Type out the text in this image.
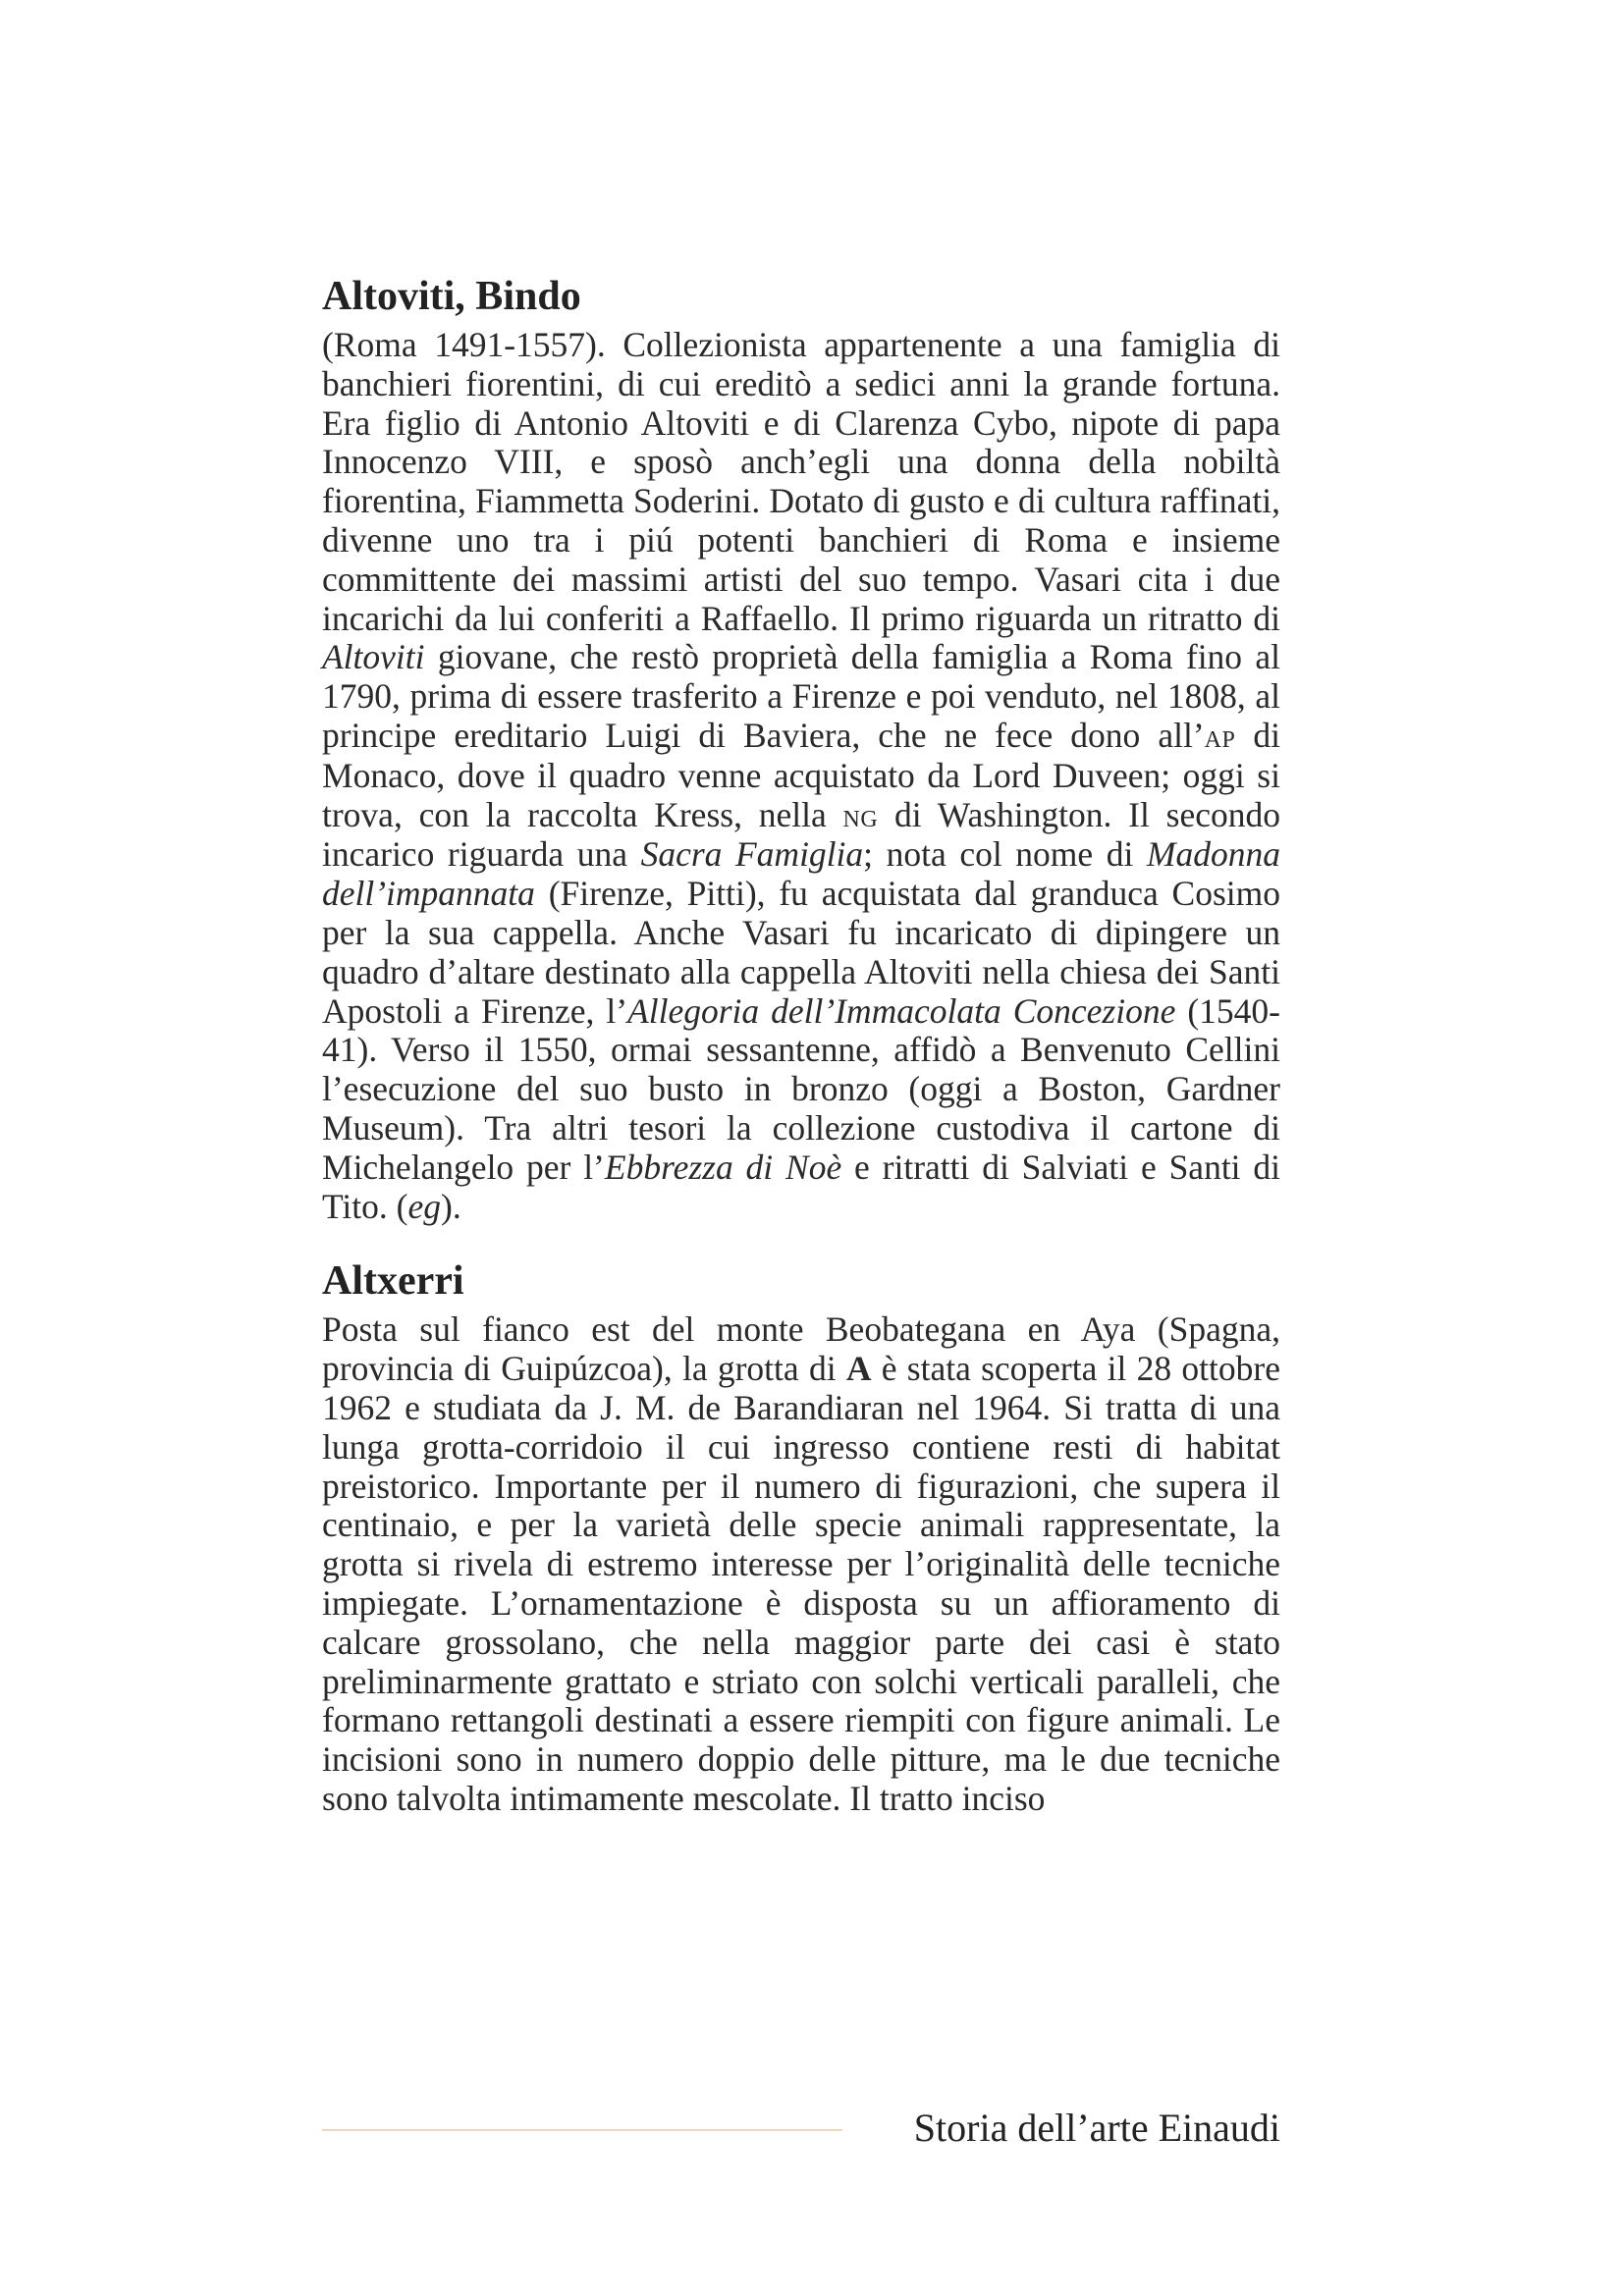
Altoviti, Bindo

(Roma 1491-1557). Collezionista appartenente a una famiglia di banchieri fiorentini, di cui ereditò a sedici anni la grande fortuna. Era figlio di Antonio Altoviti e di Clarenza Cybo, nipote di papa Innocenzo VIII, e sposò anch’egli una donna della nobiltà fiorentina, Fiammetta Soderini. Dotato di gusto e di cultura raffinati, divenne uno tra i piú potenti banchieri di Roma e insieme committente dei massimi artisti del suo tempo. Vasari cita i due incarichi da lui conferiti a Raffaello. Il primo riguarda un ritratto di Altoviti giovane, che restò proprietà della famiglia a Roma fino al 1790, prima di essere trasferito a Firenze e poi venduto, nel 1808, al principe ereditario Luigi di Baviera, che ne fece dono all’ap di Monaco, dove il quadro venne acquistato da Lord Duveen; oggi si trova, con la raccolta Kress, nella ng di Washington. Il secondo incarico riguarda una Sacra Famiglia; nota col nome di Madonna dell’impannata (Firenze, Pitti), fu acquistata dal granduca Cosimo per la sua cappella. Anche Vasari fu incaricato di dipingere un quadro d’altare destinato alla cappella Altoviti nella chiesa dei Santi Apostoli a Firenze, l’Allegoria dell’Immacolata Concezione (1540-41). Verso il 1550, ormai sessantenne, affidò a Benvenuto Cellini l’esecuzione del suo busto in bronzo (oggi a Boston, Gardner Museum). Tra altri tesori la collezione custodiva il cartone di Michelangelo per l’Ebbrezza di Noè e ritratti di Salviati e Santi di Tito. (eg).

Altxerri

Posta sul fianco est del monte Beobategana en Aya (Spagna, provincia di Guipúzcoa), la grotta di A è stata scoperta il 28 ottobre 1962 e studiata da J. M. de Barandiaran nel 1964. Si tratta di una lunga grotta-corridoio il cui ingresso contiene resti di habitat preistorico. Importante per il numero di figurazioni, che supera il centinaio, e per la varietà delle specie animali rappresentate, la grotta si rivela di estremo interesse per l’originalità delle tecniche impiegate. L’ornamentazione è disposta su un affioramento di calcare grossolano, che nella maggior parte dei casi è stato preliminarmente grattato e striato con solchi verticali paralleli, che formano rettangoli destinati a essere riempiti con figure animali. Le incisioni sono in numero doppio delle pitture, ma le due tecniche sono talvolta intimamente mescolate. Il tratto inciso

Storia dell’arte Einaudi
